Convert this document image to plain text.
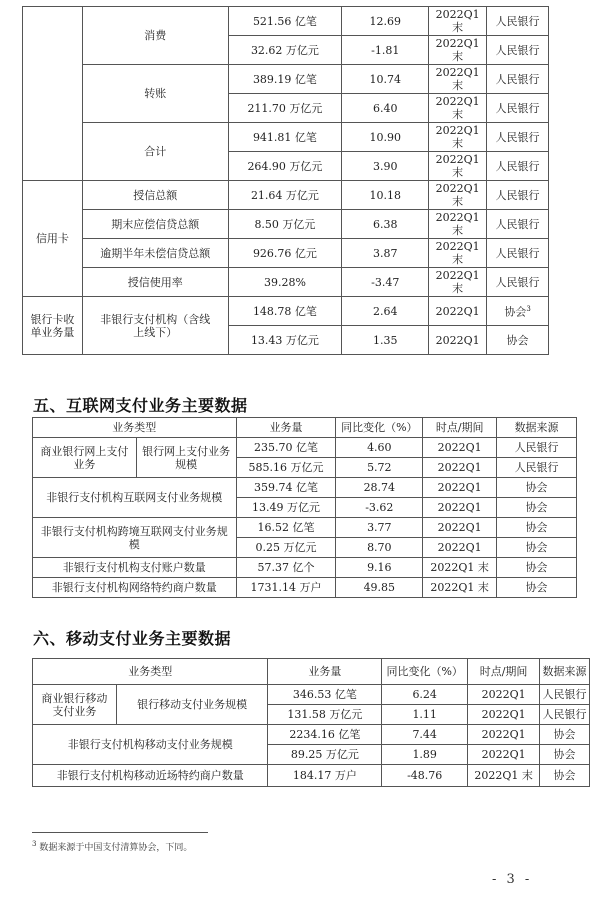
	消费	521.56 亿笔	12.69	2022Q1 末	人民银行
		32.62 万亿元	-1.81	2022Q1 末	人民银行
	转账	389.19 亿笔	10.74	2022Q1 末	人民银行
		211.70 万亿元	6.40	2022Q1 末	人民银行
	合计	941.81 亿笔	10.90	2022Q1 末	人民银行
		264.90 万亿元	3.90	2022Q1 末	人民银行
信用卡	授信总额	21.64 万亿元	10.18	2022Q1 末	人民银行
	期末应偿信贷总额	8.50 万亿元	6.38	2022Q1 末	人民银行
	逾期半年未偿信贷总额	926.76 亿元	3.87	2022Q1 末	人民银行
	授信使用率	39.28%	-3.47	2022Q1 末	人民银行
银行卡收单业务量	非银行支付机构（含线上线下）	148.78 亿笔	2.64	2022Q1	协会$^3$
		13.43 万亿元	1.35	2022Q1	协会
五、互联网支付业务主要数据
业务类型		业务量	同比变化（%）	时点/期间	数据来源
商业银行网上支付业务	银行网上支付业务规模	235.70 亿笔	4.60	2022Q1	人民银行
		585.16 万亿元	5.72	2022Q1	人民银行
非银行支付机构互联网支付业务规模		359.74 亿笔	28.74	2022Q1	协会
		13.49 万亿元	-3.62	2022Q1	协会
非银行支付机构跨境互联网支付业务规模		16.52 亿笔	3.77	2022Q1	协会
		0.25 万亿元	8.70	2022Q1	协会
非银行支付机构支付账户数量		57.37 亿个	9.16	2022Q1 末	协会
非银行支付机构网络特约商户数量		1731.14 万户	49.85	2022Q1 末	协会
六、移动支付业务主要数据
业务类型		业务量	同比变化（%）	时点/期间	数据来源
商业银行移动支付业务	银行移动支付业务规模	346.53 亿笔	6.24	2022Q1	人民银行
		131.58 万亿元	1.11	2022Q1	人民银行
非银行支付机构移动支付业务规模		2234.16 亿笔	7.44	2022Q1	协会
		89.25 万亿元	1.89	2022Q1	协会
非银行支付机构移动近场特约商户数量		184.17 万户	-48.76	2022Q1 末	协会
$^3$ 数据来源于中国支付清算协会，下同。
- 3 -
